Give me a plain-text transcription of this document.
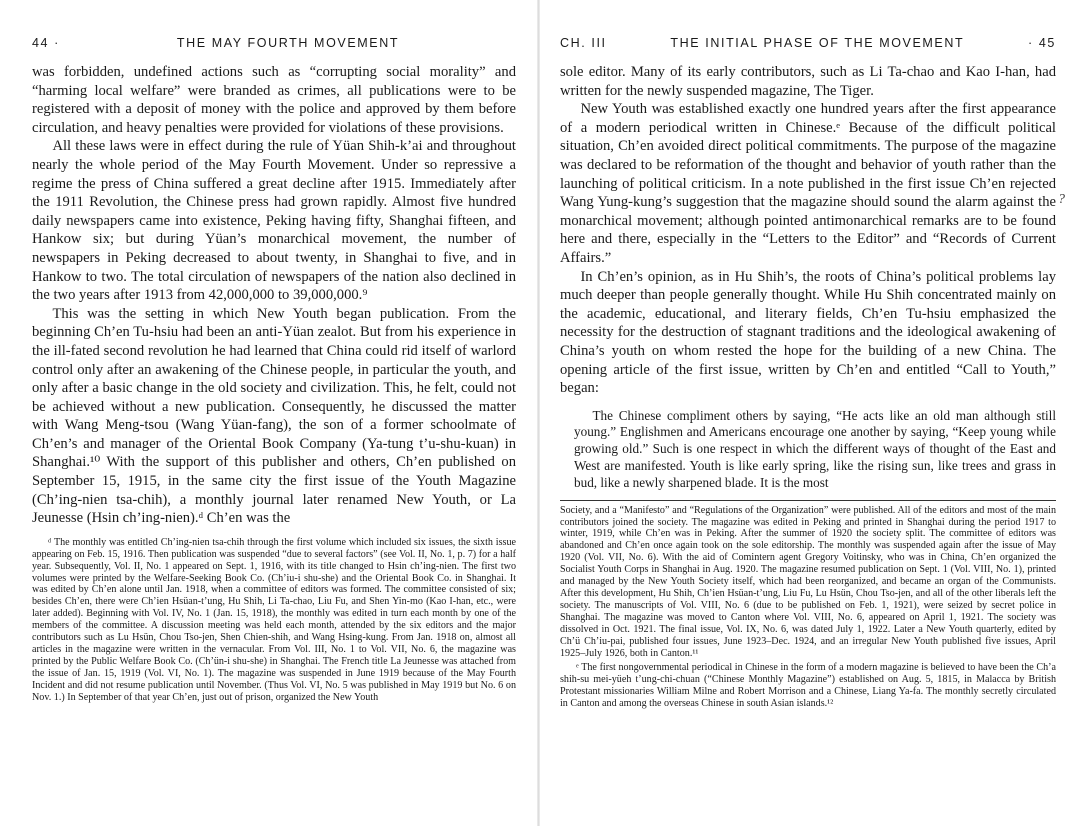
44 ·	THE MAY FOURTH MOVEMENT

was forbidden, undefined actions such as “corrupting social morality” and “harming local welfare” were branded as crimes, all publications were to be registered with a deposit of money with the police and approved by them before circulation, and heavy penalties were provided for violations of these provisions.

All these laws were in effect during the rule of Yüan Shih-k’ai and throughout nearly the whole period of the May Fourth Movement. Under so repressive a regime the press of China suffered a great decline after 1915. Immediately after the 1911 Revolution, the Chinese press had grown rapidly. Almost five hundred daily newspapers came into existence, Peking having fifty, Shanghai fifteen, and Hankow six; but during Yüan’s monarchical movement, the number of newspapers in Peking decreased to about twenty, in Shanghai to five, and in Hankow to two. The total circulation of newspapers of the nation also declined in the two years after 1913 from 42,000,000 to 39,000,000.⁹

This was the setting in which New Youth began publication. From the beginning Ch’en Tu-hsiu had been an anti-Yüan zealot. But from his experience in the ill-fated second revolution he had learned that China could rid itself of warlord control only after an awakening of the Chinese people, in particular the youth, and only after a basic change in the old society and civilization. This, he felt, could not be achieved without a new publication. Consequently, he discussed the matter with Wang Meng-tsou (Wang Yüan-fang), the son of a former schoolmate of Ch’en’s and manager of the Oriental Book Company (Ya-tung t’u-shu-kuan) in Shanghai.¹⁰ With the support of this publisher and others, Ch’en published on September 15, 1915, in the same city the first issue of the Youth Magazine (Ch’ing-nien tsa-chih), a monthly journal later renamed New Youth, or La Jeunesse (Hsin ch’ing-nien).ᵈ Ch’en was the

ᵈ The monthly was entitled Ch’ing-nien tsa-chih through the first volume which included six issues, the sixth issue appearing on Feb. 15, 1916. Then publication was suspended “due to several factors” (see Vol. II, No. 1, p. 7) for a half year. Subsequently, Vol. II, No. 1 appeared on Sept. 1, 1916, with its title changed to Hsin ch’ing-nien. The first two volumes were printed by the Welfare-Seeking Book Co. (Ch’iu-i shu-she) and the Oriental Book Co. in Shanghai. It was edited by Ch’en alone until Jan. 1918, when a committee of editors was formed. The committee consisted of six; besides Ch’en, there were Ch’ien Hsüan-t’ung, Hu Shih, Li Ta-chao, Liu Fu, and Shen Yin-mo (Kao I-han, etc., were later added). Beginning with Vol. IV, No. 1 (Jan. 15, 1918), the monthly was edited in turn each month by one of the members of the committee. A discussion meeting was held each month, attended by the six editors and the major contributors such as Lu Hsün, Chou Tso-jen, Shen Chien-shih, and Wang Hsing-kung. From Jan. 1918 on, almost all articles in the magazine were written in the vernacular. From Vol. III, No. 1 to Vol. VII, No. 6, the magazine was printed by the Public Welfare Book Co. (Ch’ün-i shu-she) in Shanghai. The French title La Jeunesse was attached from the issue of Jan. 15, 1919 (Vol. VI, No. 1). The magazine was suspended in June 1919 because of the May Fourth Incident and did not resume publication until November. (Thus Vol. VI, No. 5 was published in May 1919 but No. 6 on Nov. 1.) In September of that year Ch’en, just out of prison, organized the New Youth

CH. III	THE INITIAL PHASE OF THE MOVEMENT	· 45

sole editor. Many of its early contributors, such as Li Ta-chao and Kao I-han, had written for the newly suspended magazine, The Tiger.

New Youth was established exactly one hundred years after the first appearance of a modern periodical written in Chinese.ᵉ Because of the difficult political situation, Ch’en avoided direct political commitments. The purpose of the magazine was declared to be reformation of the thought and behavior of youth rather than the launching of political criticism. In a note published in the first issue Ch’en rejected Wang Yung-kung’s suggestion that the magazine should sound the alarm against the monarchical movement; although pointed antimonarchical remarks are to be found here and there, especially in the “Letters to the Editor” and “Records of Current Affairs.”

In Ch’en’s opinion, as in Hu Shih’s, the roots of China’s political problems lay much deeper than people generally thought. While Hu Shih concentrated mainly on the academic, educational, and literary fields, Ch’en Tu-hsiu emphasized the necessity for the destruction of stagnant traditions and the ideological awakening of China’s youth on whom rested the hope for the building of a new China. The opening article of the first issue, written by Ch’en and entitled “Call to Youth,” began:

The Chinese compliment others by saying, “He acts like an old man although still young.” Englishmen and Americans encourage one another by saying, “Keep young while growing old.” Such is one respect in which the different ways of thought of the East and West are manifested. Youth is like early spring, like the rising sun, like trees and grass in bud, like a newly sharpened blade. It is the most

Society, and a “Manifesto” and “Regulations of the Organization” were published. All of the editors and most of the main contributors joined the society. The magazine was edited in Peking and printed in Shanghai during the period 1917 to winter, 1919, while Ch’en was in Peking. After the summer of 1920 the society split. The committee of editors was abandoned and Ch’en once again took on the sole editorship. The monthly was suspended again after the issue of May 1920 (Vol. VII, No. 6). With the aid of Comintern agent Gregory Voitinsky, who was in China, Ch’en organized the Socialist Youth Corps in Shanghai in Aug. 1920. The magazine resumed publication on Sept. 1 (Vol. VIII, No. 1), printed and managed by the New Youth Society itself, which had been reorganized, and became an organ of the Communists. After this development, Hu Shih, Ch’ien Hsüan-t’ung, Liu Fu, Lu Hsün, Chou Tso-jen, and all of the other liberals left the society. The manuscripts of Vol. VIII, No. 6 (due to be published on Feb. 1, 1921), were seized by secret police in Shanghai. The magazine was moved to Canton where Vol. VIII, No. 6, appeared on April 1, 1921. The society was dissolved in Oct. 1921. The final issue, Vol. IX, No. 6, was dated July 1, 1922. Later a New Youth quarterly, edited by Ch’ü Ch’iu-pai, published four issues, June 1923–Dec. 1924, and an irregular New Youth published five issues, April 1925–July 1926, both in Canton.¹¹

ᵉ The first nongovernmental periodical in Chinese in the form of a modern magazine is believed to have been the Ch’a shih-su mei-yüeh t’ung-chi-chuan (“Chinese Monthly Magazine”) established on Aug. 5, 1815, in Malacca by British Protestant missionaries William Milne and Robert Morrison and a Chinese, Liang Ya-fa. The monthly secretly circulated in Canton and among the overseas Chinese in south Asian islands.¹²

?
